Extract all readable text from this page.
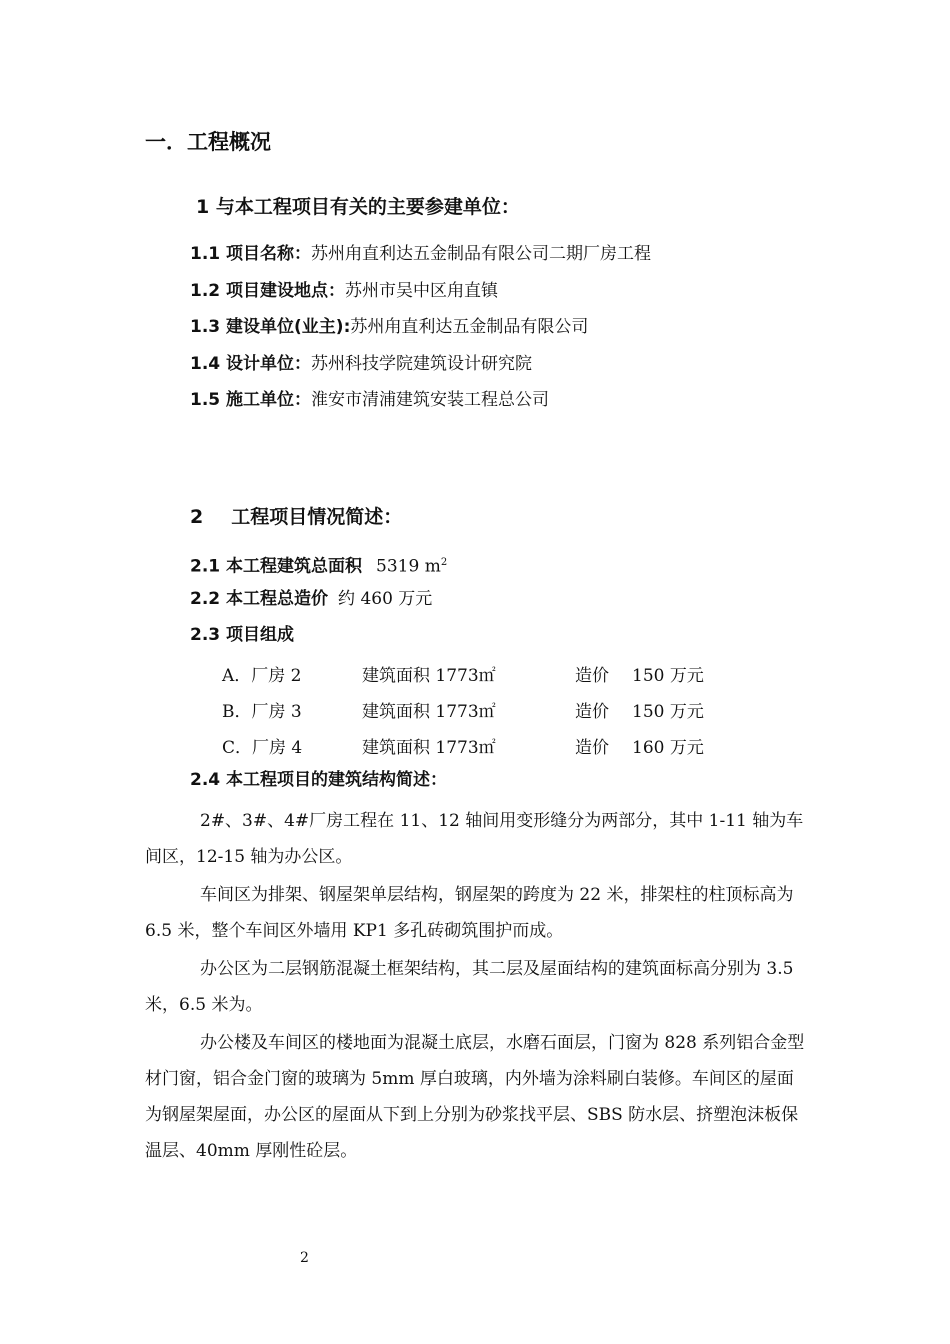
一．工程概况
1 与本工程项目有关的主要参建单位：
1.1 项目名称：苏州甪直利达五金制品有限公司二期厂房工程
1.2 项目建设地点：苏州市吴中区甪直镇
1.3 建设单位(业主):苏州甪直利达五金制品有限公司
1.4 设计单位：苏州科技学院建筑设计研究院
1.5 施工单位：淮安市清浦建筑安装工程总公司
2 工程项目情况简述：
2.1 本工程建筑总面积 5319 $m^2$
2.2 本工程总造价 约 460 万元
2.3 项目组成
A．厂房 2	建筑面积 1773㎡	造价 150 万元
B．厂房 3	建筑面积 1773㎡	造价 150 万元
C．厂房 4	建筑面积 1773㎡	造价 160 万元
2.4 本工程项目的建筑结构简述：
2#、3#、4#厂房工程在 11、12 轴间用变形缝分为两部分，其中 1-11 轴为车间区，12-15 轴为办公区。
车间区为排架、钢屋架单层结构，钢屋架的跨度为 22 米，排架柱的柱顶标高为 6.5 米，整个车间区外墙用 KP1 多孔砖砌筑围护而成。
办公区为二层钢筋混凝土框架结构，其二层及屋面结构的建筑面标高分别为 3.5 米，6.5 米为。
办公楼及车间区的楼地面为混凝土底层，水磨石面层，门窗为 828 系列铝合金型材门窗，铝合金门窗的玻璃为 5mm 厚白玻璃，内外墙为涂料刷白装修。车间区的屋面为钢屋架屋面，办公区的屋面从下到上分别为砂浆找平层、SBS 防水层、挤塑泡沫板保温层、40mm 厚刚性砼层。
2
